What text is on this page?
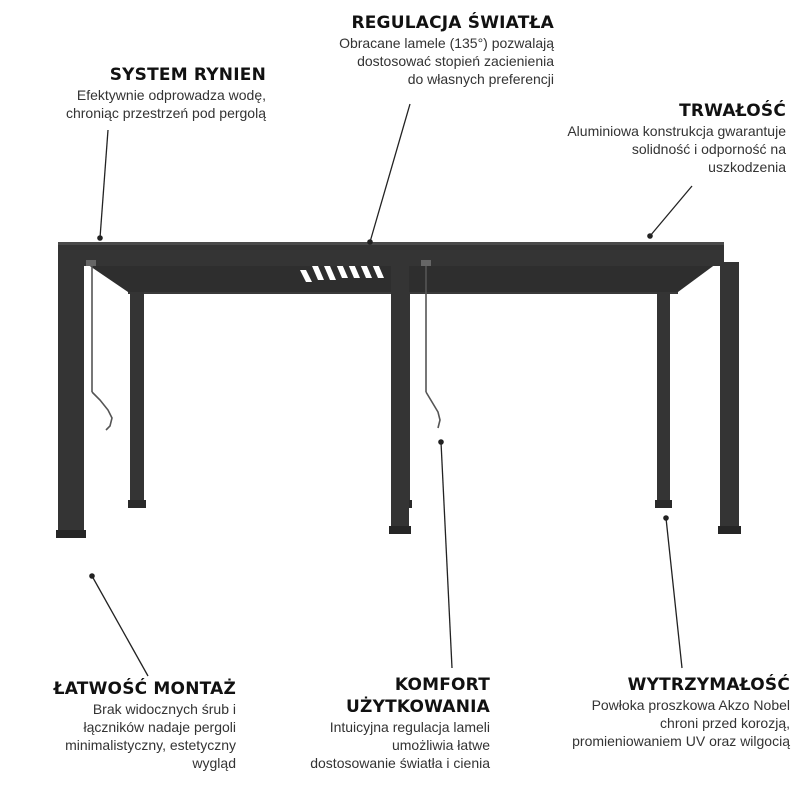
REGULACJA ŚWIATŁA

Obracane lamele (135°) pozwalają

dostosować stopień zacienienia

do własnych preferencji

SYSTEM RYNIEN

Efektywnie odprowadza wodę,

chroniąc przestrzeń pod pergolą	TRWAŁOŚĆ

Aluminiowa konstrukcja gwarantuje

solidność i odporność na

uszkodzenia

ŁATWOŚĆ MONTAŻ

Brak widocznych śrub i

łączników nadaje pergoli

minimalistyczny, estetyczny

wygląd

KOMFORT
UŻYTKOWANIA

Intuicyjna regulacja lameli

umożliwia łatwe

dostosowanie światła i cienia

WYTRZYMAŁOŚĆ

Powłoka proszkowa Akzo Nobel

chroni przed korozją,

promieniowaniem UV oraz wilgocią
